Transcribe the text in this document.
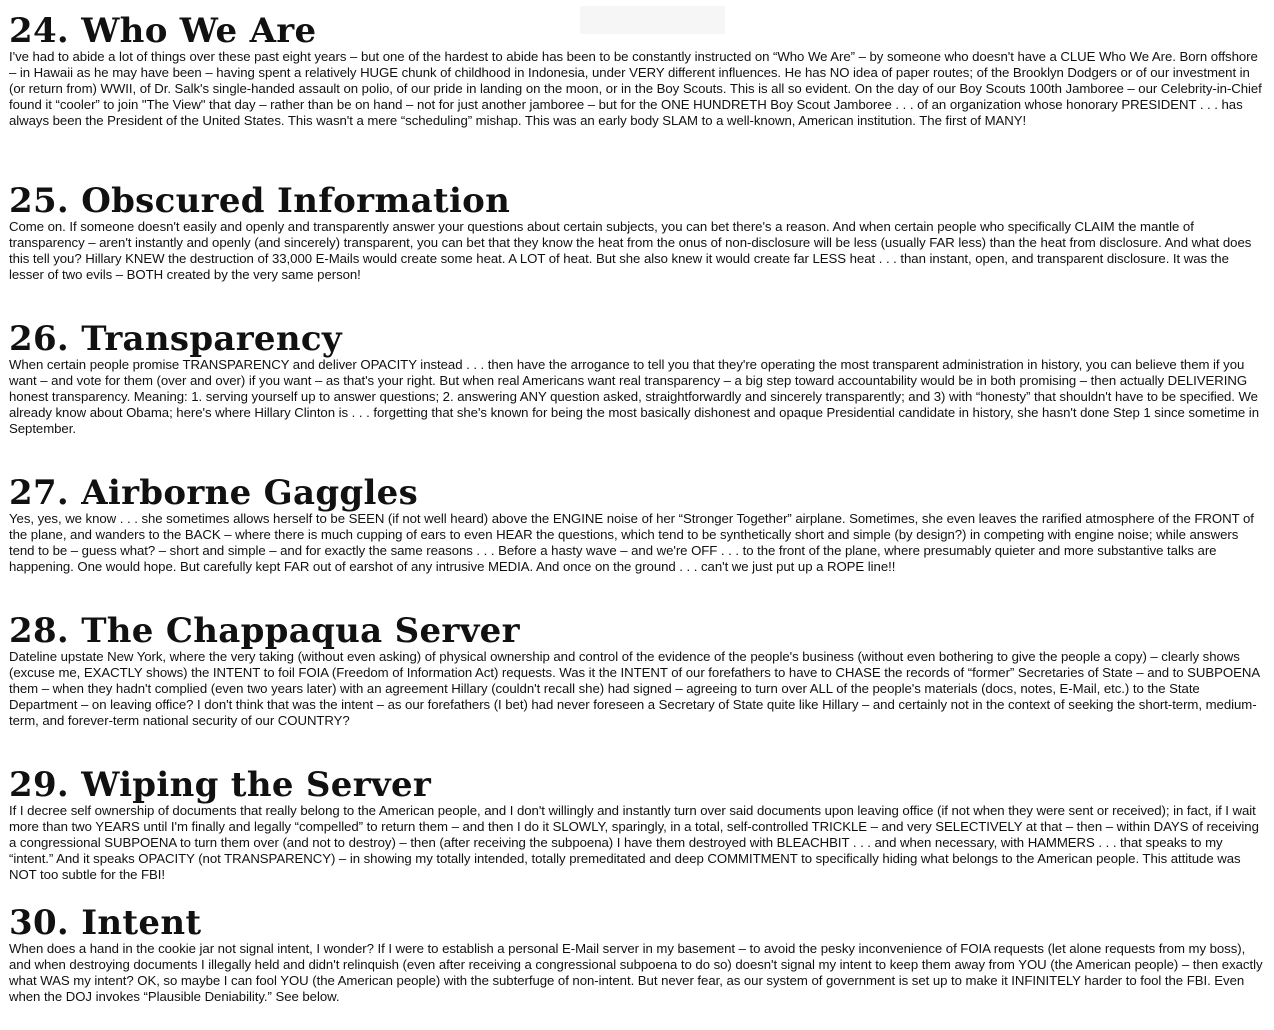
24. Who We Are

I've had to abide a lot of things over these past eight years – but one of the hardest to abide has been to be constantly instructed on “Who We Are” – by someone who doesn't have a CLUE Who We Are. Born offshore – in Hawaii as he may have been – having spent a relatively HUGE chunk of childhood in Indonesia, under VERY different influences. He has NO idea of paper routes; of the Brooklyn Dodgers or of our investment in (or return from) WWII, of Dr. Salk's single-handed assault on polio, of our pride in landing on the moon, or in the Boy Scouts. This is all so evident. On the day of our Boy Scouts 100th Jamboree – our Celebrity-in-Chief found it “cooler” to join "The View" that day – rather than be on hand – not for just another jamboree – but for the ONE HUNDRETH Boy Scout Jamboree . . . of an organization whose honorary PRESIDENT . . . has always been the President of the United States. This wasn't a mere “scheduling” mishap. This was an early body SLAM to a well-known, American institution. The first of MANY!

25. Obscured Information

Come on. If someone doesn't easily and openly and transparently answer your questions about certain subjects, you can bet there's a reason. And when certain people who specifically CLAIM the mantle of transparency – aren't instantly and openly (and sincerely) transparent, you can bet that they know the heat from the onus of non-disclosure will be less (usually FAR less) than the heat from disclosure. And what does this tell you? Hillary KNEW the destruction of 33,000 E-Mails would create some heat. A LOT of heat. But she also knew it would create far LESS heat . . . than instant, open, and transparent disclosure. It was the lesser of two evils – BOTH created by the very same person!

26. Transparency

When certain people promise TRANSPARENCY and deliver OPACITY instead . . . then have the arrogance to tell you that they're operating the most transparent administration in history, you can believe them if you want – and vote for them (over and over) if you want – as that's your right. But when real Americans want real transparency – a big step toward accountability would be in both promising – then actually DELIVERING honest transparency. Meaning: 1. serving yourself up to answer questions; 2. answering ANY question asked, straightforwardly and sincerely transparently; and 3) with “honesty” that shouldn't have to be specified. We already know about Obama; here's where Hillary Clinton is . . . forgetting that she's known for being the most basically dishonest and opaque Presidential candidate in history, she hasn't done Step 1 since sometime in September.

27. Airborne Gaggles

Yes, yes, we know . . . she sometimes allows herself to be SEEN (if not well heard) above the ENGINE noise of her “Stronger Together” airplane. Sometimes, she even leaves the rarified atmosphere of the FRONT of the plane, and wanders to the BACK – where there is much cupping of ears to even HEAR the questions, which tend to be synthetically short and simple (by design?) in competing with engine noise; while answers tend to be – guess what? – short and simple – and for exactly the same reasons . . . Before a hasty wave – and we're OFF . . . to the front of the plane, where presumably quieter and more substantive talks are happening. One would hope. But carefully kept FAR out of earshot of any intrusive MEDIA. And once on the ground . . . can't we just put up a ROPE line!!

28. The Chappaqua Server

Dateline upstate New York, where the very taking (without even asking) of physical ownership and control of the evidence of the people's business (without even bothering to give the people a copy) – clearly shows (excuse me, EXACTLY shows) the INTENT to foil FOIA (Freedom of Information Act) requests. Was it the INTENT of our forefathers to have to CHASE the records of “former” Secretaries of State – and to SUBPOENA them – when they hadn't complied (even two years later) with an agreement Hillary (couldn't recall she) had signed – agreeing to turn over ALL of the people's materials (docs, notes, E-Mail, etc.) to the State Department – on leaving office? I don't think that was the intent – as our forefathers (I bet) had never foreseen a Secretary of State quite like Hillary – and certainly not in the context of seeking the short-term, medium-term, and forever-term national security of our COUNTRY?

29. Wiping the Server

If I decree self ownership of documents that really belong to the American people, and I don't willingly and instantly turn over said documents upon leaving office (if not when they were sent or received); in fact, if I wait more than two YEARS until I'm finally and legally “compelled” to return them – and then I do it SLOWLY, sparingly, in a total, self-controlled TRICKLE – and very SELECTIVELY at that – then – within DAYS of receiving a congressional SUBPOENA to turn them over (and not to destroy) – then (after receiving the subpoena) I have them destroyed with BLEACHBIT . . . and when necessary, with HAMMERS . . . that speaks to my “intent.” And it speaks OPACITY (not TRANSPARENCY) – in showing my totally intended, totally premeditated and deep COMMITMENT to specifically hiding what belongs to the American people. This attitude was NOT too subtle for the FBI!

30. Intent

When does a hand in the cookie jar not signal intent, I wonder? If I were to establish a personal E-Mail server in my basement – to avoid the pesky inconvenience of FOIA requests (let alone requests from my boss), and when destroying documents I illegally held and didn't relinquish (even after receiving a congressional subpoena to do so) doesn't signal my intent to keep them away from YOU (the American people) – then exactly what WAS my intent? OK, so maybe I can fool YOU (the American people) with the subterfuge of non-intent. But never fear, as our system of government is set up to make it INFINITELY harder to fool the FBI. Even when the DOJ invokes “Plausible Deniability.” See below.
